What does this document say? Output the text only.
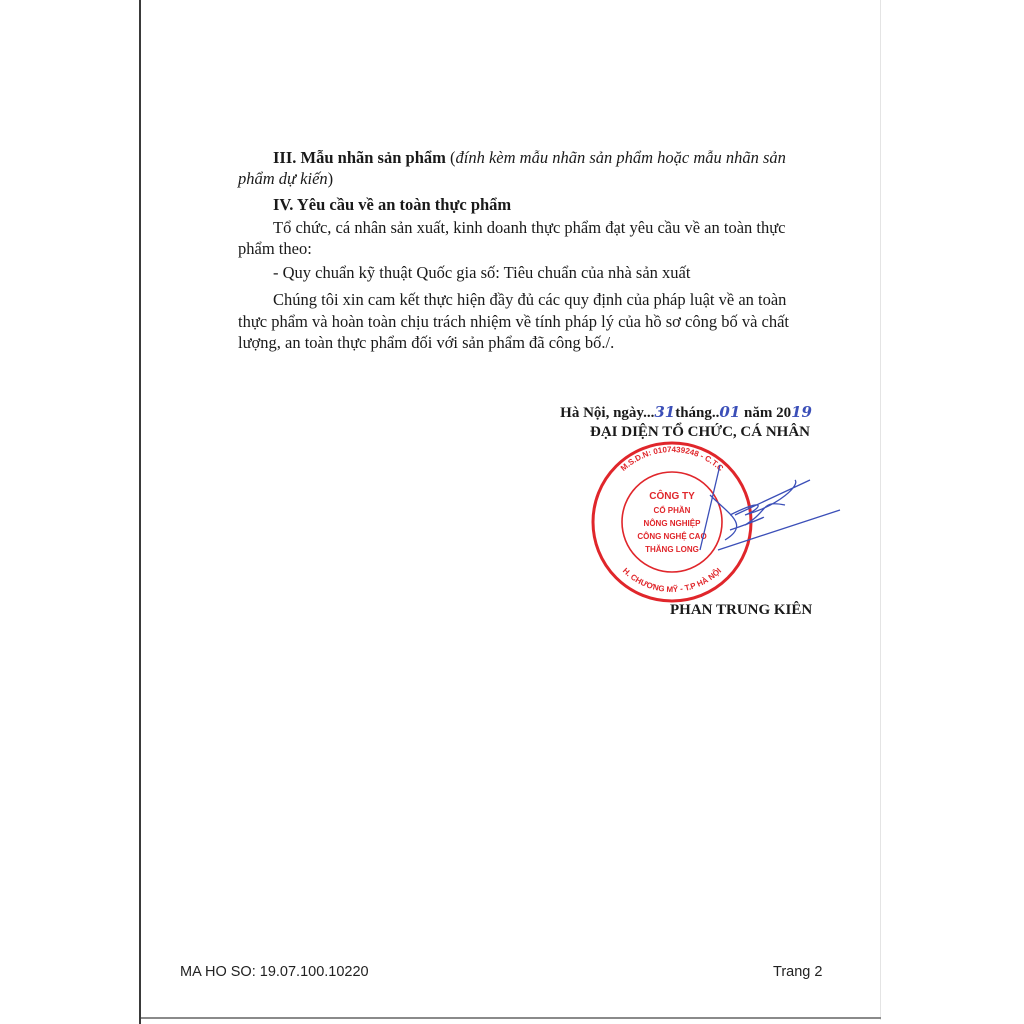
III. Mẫu nhãn sản phẩm (đính kèm mẫu nhãn sản phẩm hoặc mẫu nhãn sản
phẩm dự kiến)
IV. Yêu cầu về an toàn thực phẩm
Tổ chức, cá nhân sản xuất, kinh doanh thực phẩm đạt yêu cầu về an toàn thực
phẩm theo:
- Quy chuẩn kỹ thuật Quốc gia số: Tiêu chuẩn của nhà sản xuất
Chúng tôi xin cam kết thực hiện đầy đủ các quy định của pháp luật về an toàn
thực phẩm và hoàn toàn chịu trách nhiệm về tính pháp lý của hồ sơ công bố và chất
lượng, an toàn thực phẩm đối với sản phẩm đã công bố./.
Hà Nội, ngày...31tháng..01 năm 2019
ĐẠI DIỆN TỔ CHỨC, CÁ NHÂN
M.S.D.N: 0107439248 - C.T.C
H. CHƯƠNG MỸ - T.P HÀ NỘI
CÔNG TY
CỔ PHẦN
NÔNG NGHIỆP
CÔNG NGHỆ CAO
THĂNG LONG
PHAN TRUNG KIÊN
MA HO SO: 19.07.100.10220	Trang 2
